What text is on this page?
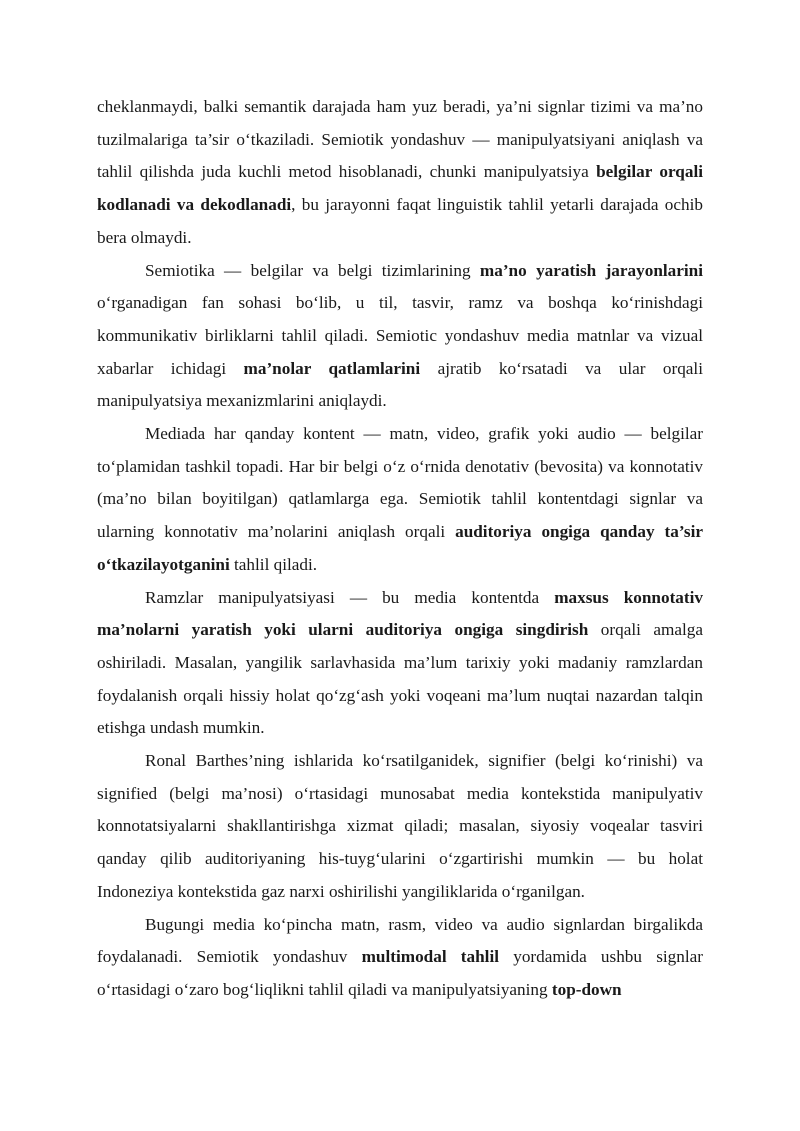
cheklanmaydi, balki semantik darajada ham yuz beradi, ya’ni signlar tizimi va ma’no tuzilmalariga ta’sir o‘tkaziladi. Semiotik yondashuv — manipulyatsiyani aniqlash va tahlil qilishda juda kuchli metod hisoblanadi, chunki manipulyatsiya belgilar orqali kodlanadi va dekodlanadi, bu jarayonni faqat linguistik tahlil yetarli darajada ochib bera olmaydi.

Semiotika — belgilar va belgi tizimlarining ma’no yaratish jarayonlarini o‘rganadigan fan sohasi bo‘lib, u til, tasvir, ramz va boshqa ko‘rinishdagi kommunikativ birliklarni tahlil qiladi. Semiotic yondashuv media matnlar va vizual xabarlar ichidagi ma’nolar qatlamlarini ajratib ko‘rsatadi va ular orqali manipulyatsiya mexanizmlarini aniqlaydi.

Mediada har qanday kontent — matn, video, grafik yoki audio — belgilar to‘plamidan tashkil topadi. Har bir belgi o‘z o‘rnida denotativ (bevosita) va konnotativ (ma’no bilan boyitilgan) qatlamlarga ega. Semiotik tahlil kontentdagi signlar va ularning konnotativ ma’nolarini aniqlash orqali auditoriya ongiga qanday ta’sir o‘tkazilayotganini tahlil qiladi.

Ramzlar manipulyatsiyasi — bu media kontentda maxsus konnotativ ma’nolarni yaratish yoki ularni auditoriya ongiga singdirish orqali amalga oshiriladi. Masalan, yangilik sarlavhasida ma’lum tarixiy yoki madaniy ramzlardan foydalanish orqali hissiy holat qo‘zg‘ash yoki voqeani ma’lum nuqtai nazardan talqin etishga undash mumkin.

Ronal Barthes’ning ishlarida ko‘rsatilganidek, signifier (belgi ko‘rinishi) va signified (belgi ma’nosi) o‘rtasidagi munosabat media kontekstida manipulyativ konnotatsiyalarni shakllantirishga xizmat qiladi; masalan, siyosiy voqealar tasviri qanday qilib auditoriyaning his-tuyg‘ularini o‘zgartirishi mumkin — bu holat Indoneziya kontekstida gaz narxi oshirilishi yangiliklarida o‘rganilgan.

Bugungi media ko‘pincha matn, rasm, video va audio signlardan birgalikda foydalanadi. Semiotik yondashuv multimodal tahlil yordamida ushbu signlar o‘rtasidagi o‘zaro bog‘liqlikni tahlil qiladi va manipulyatsiyaning top-down
